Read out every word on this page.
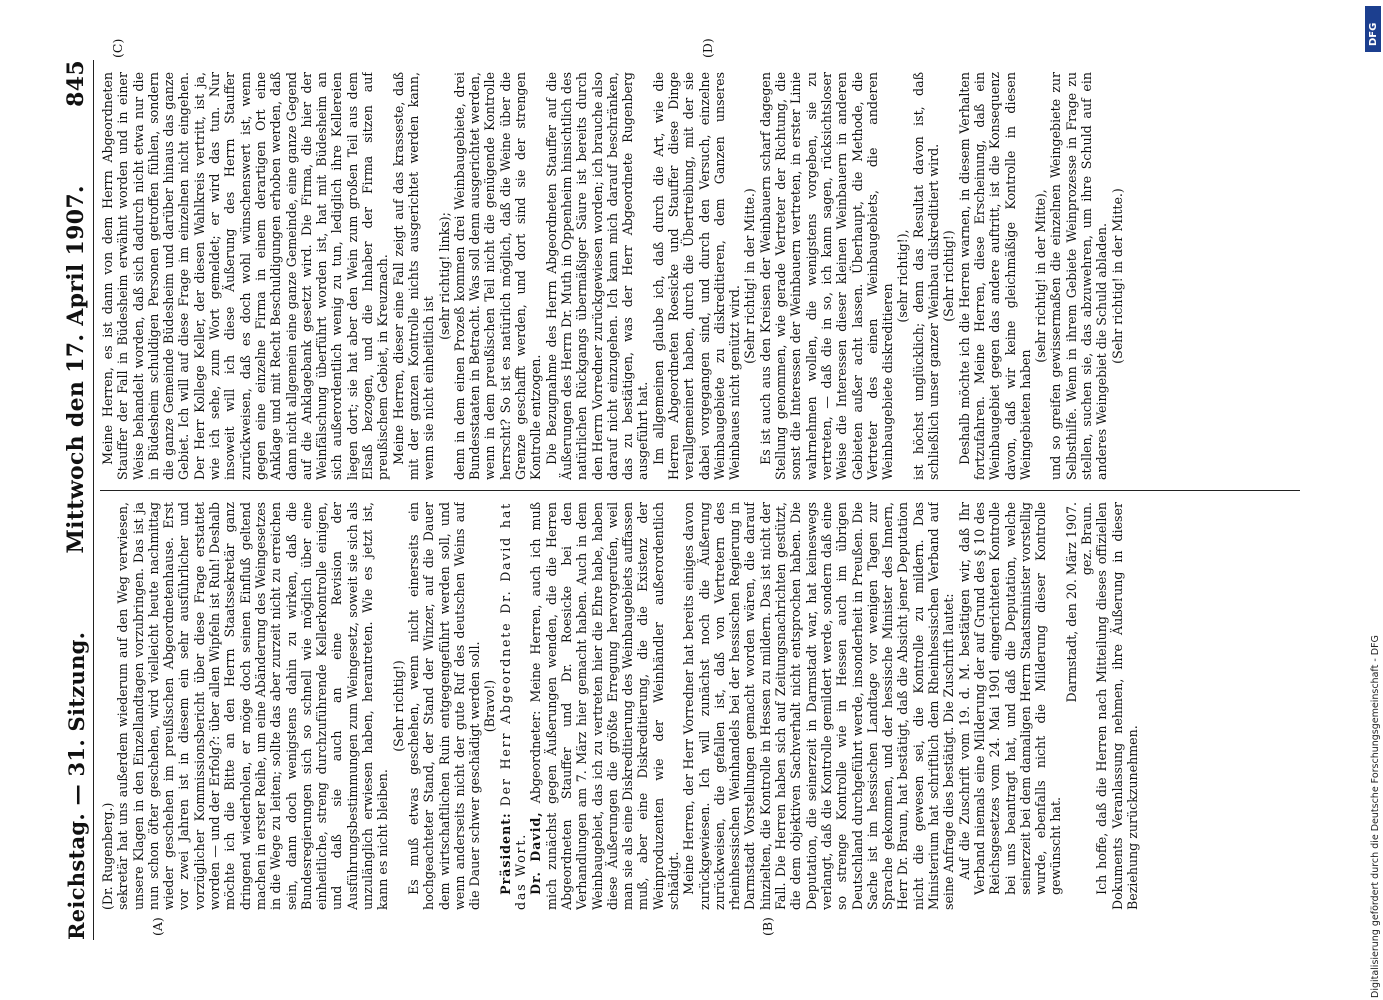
Reichstag. — 31. Sitzung.
Mittwoch den 17. April 1907.
845
(A)	(B)
(C)	(D)

(Dr. Rugenberg.) sekretär hat uns außerdem wiederum auf den Weg verwiesen, unsere Klagen in den Einzellandtagen vorzubringen. Das ist ja nun schon öfter geschehen, wird vielleicht heute nachmittag wieder geschehen im preußischen Abgeordnetenhause. Erst vor zwei Jahren ist in diesem ein sehr ausführlicher und vorzüglicher Kommissionsbericht über diese Frage erstattet worden — und der Erfolg?: über allen Wipfeln ist Ruh! Deshalb möchte ich die Bitte an den Herrn Staatssekretär ganz dringend wiederholen, er möge doch seinen Einfluß geltend machen in erster Reihe, um eine Abänderung des Weingesetzes in die Wege zu leiten; sollte das aber zurzeit nicht zu erreichen sein, dann doch wenigstens dahin zu wirken, daß die Bundesregierungen sich so schnell wie möglich über eine einheitliche, streng durchzuführende Kellerkontrolle einigen, und daß sie auch an eine Revision der Ausführungsbestimmungen zum Weingesetz, soweit sie sich als unzulänglich erwiesen haben, herantreten. Wie es jetzt ist, kann es nicht bleiben.

(Sehr richtig!) Es muß etwas geschehen, wenn nicht einerseits ein hochgeachteter Stand, der Stand der Winzer, auf die Dauer dem wirtschaftlichen Ruin entgegengeführt werden soll, und wenn anderseits nicht der gute Ruf des deutschen Weins auf die Dauer schwer geschädigt werden soll. (Bravo!)

Präsident: Der Herr Abgeordnete Dr. David hat das Wort. Dr. David, Abgeordneter: Meine Herren, auch ich muß mich zunächst gegen Äußerungen wenden, die die Herren Abgeordneten Stauffer und Dr. Roesicke bei den Verhandlungen am 7. März hier gemacht haben. Auch in dem Weinbaugebiet, das ich zu vertreten hier die Ehre habe, haben diese Äußerungen die größte Erregung hervorgerufen, weil man sie als eine Diskreditierung des Weinbaugebiets auffassen muß, aber eine Diskreditierung, die die Existenz der Weinproduzenten wie der Weinhändler außerordentlich schädigt. Meine Herren, der Herr Vorredner hat bereits einiges davon zurückgewiesen. Ich will zunächst noch die Äußerung zurückweisen, die gefallen ist, daß von Vertretern des rheinhessischen Weinhandels bei der hessischen Regierung in Darmstadt Vorstellungen gemacht worden wären, die darauf hinzielten, die Kontrolle in Hessen zu mildern. Das ist nicht der Fall. Die Herren haben sich auf Zeitungsnachrichten gestützt, die dem objektiven Sachverhalt nicht entsprochen haben. Die Deputation, die seinerzeit in Darmstadt war, hat keineswegs verlangt, daß die Kontrolle gemildert werde, sondern daß eine so strenge Kontrolle wie in Hessen auch im übrigen Deutschland durchgeführt werde, insonderheit in Preußen. Die Sache ist im hessischen Landtage vor wenigen Tagen zur Sprache gekommen, und der hessische Minister des Innern, Herr Dr. Braun, hat bestätigt, daß die Absicht jener Deputation nicht die gewesen sei, die Kontrolle zu mildern. Das Ministerium hat schriftlich dem Rheinhessischen Verband auf seine Anfrage dies bestätigt. Die Zuschrift lautet: Auf die Zuschrift vom 19. d. M. bestätigen wir, daß Ihr Verband niemals eine Milderung der auf Grund des § 10 des Reichsgesetzes vom 24. Mai 1901 eingerichteten Kontrolle bei uns beantragt hat, und daß die Deputation, welche seinerzeit bei dem damaligen Herrn Staatsminister vorstellig wurde, ebenfalls nicht die Milderung dieser Kontrolle gewünscht hat.

Darmstadt, den 20. März 1907. gez. Braun. Ich hoffe, daß die Herren nach Mitteilung dieses offiziellen Dokuments Veranlassung nehmen, ihre Äußerung in dieser Beziehung zurückzunehmen.

Meine Herren, es ist dann von dem Herrn Abgeordneten Stauffer der Fall in Büdesheim erwähnt worden und in einer Weise behandelt worden, daß sich dadurch nicht etwa nur die in Büdesheim schuldigen Personen getroffen fühlen, sondern die ganze Gemeinde Büdesheim und darüber hinaus das ganze Gebiet. Ich will auf diese Frage im einzelnen nicht eingehen. Der Herr Kollege Keller, der diesen Wahlkreis vertritt, ist ja, wie ich sehe, zum Wort gemeldet; er wird das tun. Nur insoweit will ich diese Äußerung des Herrn Stauffer zurückweisen, daß es doch wohl wünschenswert ist, wenn gegen eine einzelne Firma in einem derartigen Ort eine Anklage und mit Recht Beschuldigungen erhoben werden, daß dann nicht allgemein eine ganze Gemeinde, eine ganze Gegend auf die Anklagebank gesetzt wird. Die Firma, die hier der Weinfälschung überführt worden ist, hat mit Büdesheim an sich außerordentlich wenig zu tun, lediglich ihre Kellereien liegen dort; sie hat aber den Wein zum großen Teil aus dem Elsaß bezogen, und die Inhaber der Firma sitzen auf preußischem Gebiet, in Kreuznach. Meine Herren, dieser eine Fall zeigt auf das krasseste, daß mit der ganzen Kontrolle nichts ausgerichtet werden kann, wenn sie nicht einheitlich ist

(sehr richtig! links); denn in dem einen Prozeß kommen drei Weinbaugebiete, drei Bundesstaaten in Betracht. Was soll denn ausgerichtet werden, wenn in dem preußischen Teil nicht die genügende Kontrolle herrscht? So ist es natürlich möglich, daß die Weine über die Grenze geschafft werden, und dort sind sie der strengen Kontrolle entzogen. Die Bezugnahme des Herrn Abgeordneten Stauffer auf die Äußerungen des Herrn Dr. Muth in Oppenheim hinsichtlich des natürlichen Rückgangs übermäßiger Säure ist bereits durch den Herrn Vorredner zurückgewiesen worden; ich brauche also darauf nicht einzugehen. Ich kann mich darauf beschränken, das zu bestätigen, was der Herr Abgeordnete Rugenberg ausgeführt hat. Im allgemeinen glaube ich, daß durch die Art, wie die Herren Abgeordneten Roesicke und Stauffer diese Dinge verallgemeinert haben, durch die Übertreibung, mit der sie dabei vorgegangen sind, und durch den Versuch, einzelne Weinbaugebiete zu diskreditieren, dem Ganzen unseres Weinbaues nicht genützt wird.

(Sehr richtig! in der Mitte.) Es ist auch aus den Kreisen der Weinbauern scharf dagegen Stellung genommen, wie gerade Vertreter der Richtung, die sonst die Interessen der Weinbauern vertreten, in erster Linie wahrnehmen wollen, die wenigstens vorgeben, sie zu vertreten, — daß die in so, ich kann sagen, rücksichtsloser Weise die Interessen dieser kleinen Weinbauern in anderen Gebieten außer acht lassen. Überhaupt, die Methode, die Vertreter des einen Weinbaugebiets, die anderen Weinbaugebiete diskreditieren

(sehr richtig!), ist höchst unglücklich; denn das Resultat davon ist, daß schließlich unser ganzer Weinbau diskreditiert wird. (Sehr richtig!) Deshalb möchte ich die Herren warnen, in diesem Verhalten fortzufahren. Meine Herren, diese Erscheinung, daß ein Weinbaugebiet gegen das andere auftritt, ist die Konsequenz davon, daß wir keine gleichmäßige Kontrolle in diesen Weingebieten haben

(sehr richtig! in der Mitte), und so greifen gewissermaßen die einzelnen Weingebiete zur Selbsthilfe. Wenn in ihrem Gebiete Weinprozesse in Frage zu stellen, suchen sie, das abzuwehren, um ihre Schuld auf ein anderes Weingebiet die Schuld abladen. (Sehr richtig! in der Mitte.)

DFG
Digitalisierung gefördert durch die Deutsche Forschungsgemeinschaft - DFG
